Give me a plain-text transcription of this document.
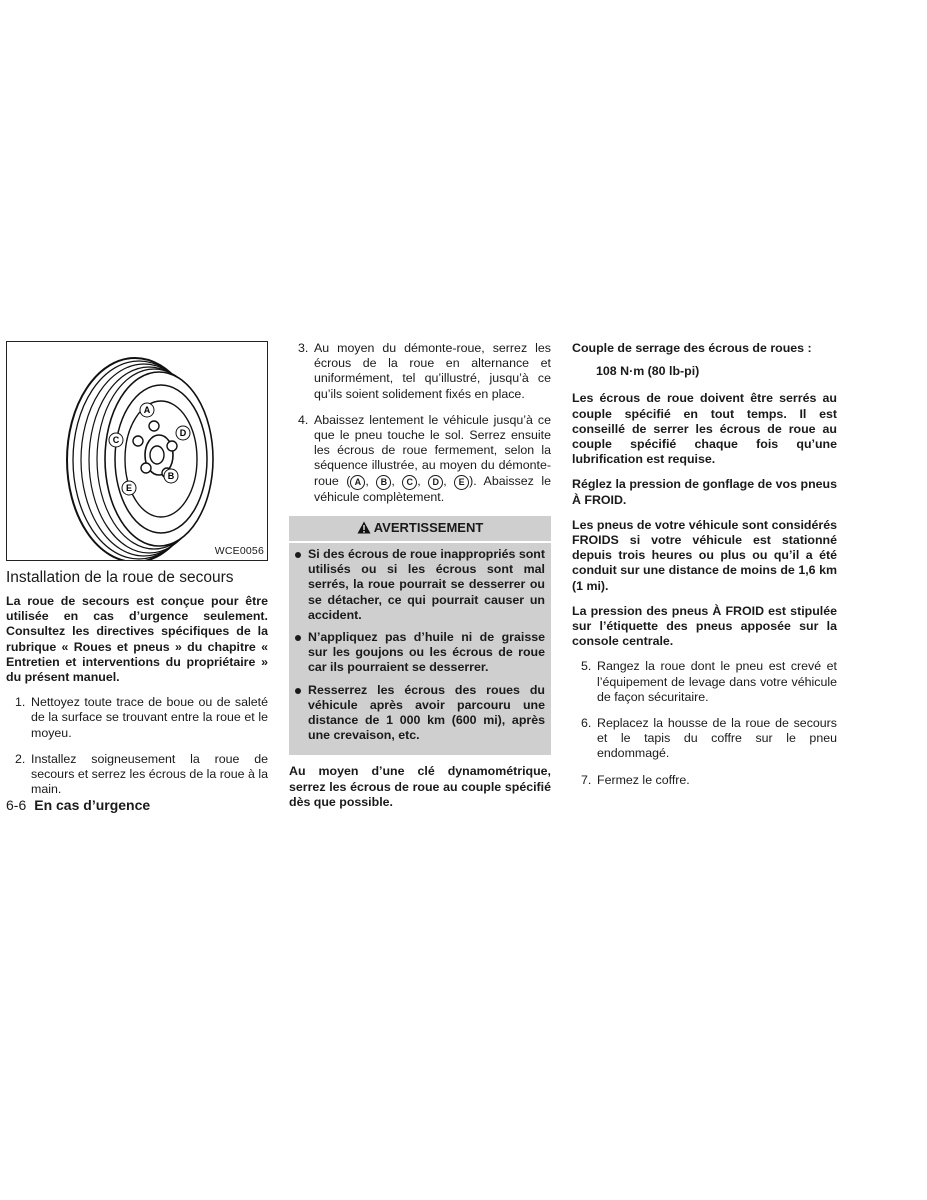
A
B
C
D
E
WCE0056
Installation de la roue de secours

La roue de secours est conçue pour être utilisée en cas d’urgence seulement. Consultez les directives spécifiques de la rubrique « Roues et pneus » du chapitre « Entretien et interventions du propriétaire » du présent manuel.

1. Nettoyez toute trace de boue ou de saleté de la surface se trouvant entre la roue et le moyeu.
2. Installez soigneusement la roue de secours et serrez les écrous de la roue à la main.
3. Au moyen du démonte-roue, serrez les écrous de la roue en alternance et uniformément, tel qu’illustré, jusqu’à ce qu’ils soient solidement fixés en place.
4. Abaissez lentement le véhicule jusqu’à ce que le pneu touche le sol. Serrez ensuite les écrous de roue fermement, selon la séquence illustrée, au moyen du démonte-roue ( A , B , C , D , E ). Abaissez le véhicule complètement.
AVERTISSEMENT
Si des écrous de roue inappropriés sont utilisés ou si les écrous sont mal serrés, la roue pourrait se desserrer ou se détacher, ce qui pourrait causer un accident.
N’appliquez pas d’huile ni de graisse sur les goujons ou les écrous de roue car ils pourraient se desserrer.
Resserrez les écrous des roues du véhicule après avoir parcouru une distance de 1 000 km (600 mi), après une crevaison, etc.

Au moyen d’une clé dynamométrique, serrez les écrous de roue au couple spécifié dès que possible.

Couple de serrage des écrous de roues :

108 N·m (80 lb-pi)

Les écrous de roue doivent être serrés au couple spécifié en tout temps. Il est conseillé de serrer les écrous de roue au couple spécifié chaque fois qu’une lubrification est requise.

Réglez la pression de gonflage de vos pneus À FROID.

Les pneus de votre véhicule sont considérés FROIDS si votre véhicule est stationné depuis trois heures ou plus ou qu’il a été conduit sur une distance de moins de 1,6 km (1 mi).

La pression des pneus À FROID est stipulée sur l’étiquette des pneus apposée sur la console centrale.

5. Rangez la roue dont le pneu est crevé et l’équipement de levage dans votre véhicule de façon sécuritaire.
6. Replacez la housse de la roue de secours et le tapis du coffre sur le pneu endommagé.
7. Fermez le coffre.
6-6 En cas d’urgence
